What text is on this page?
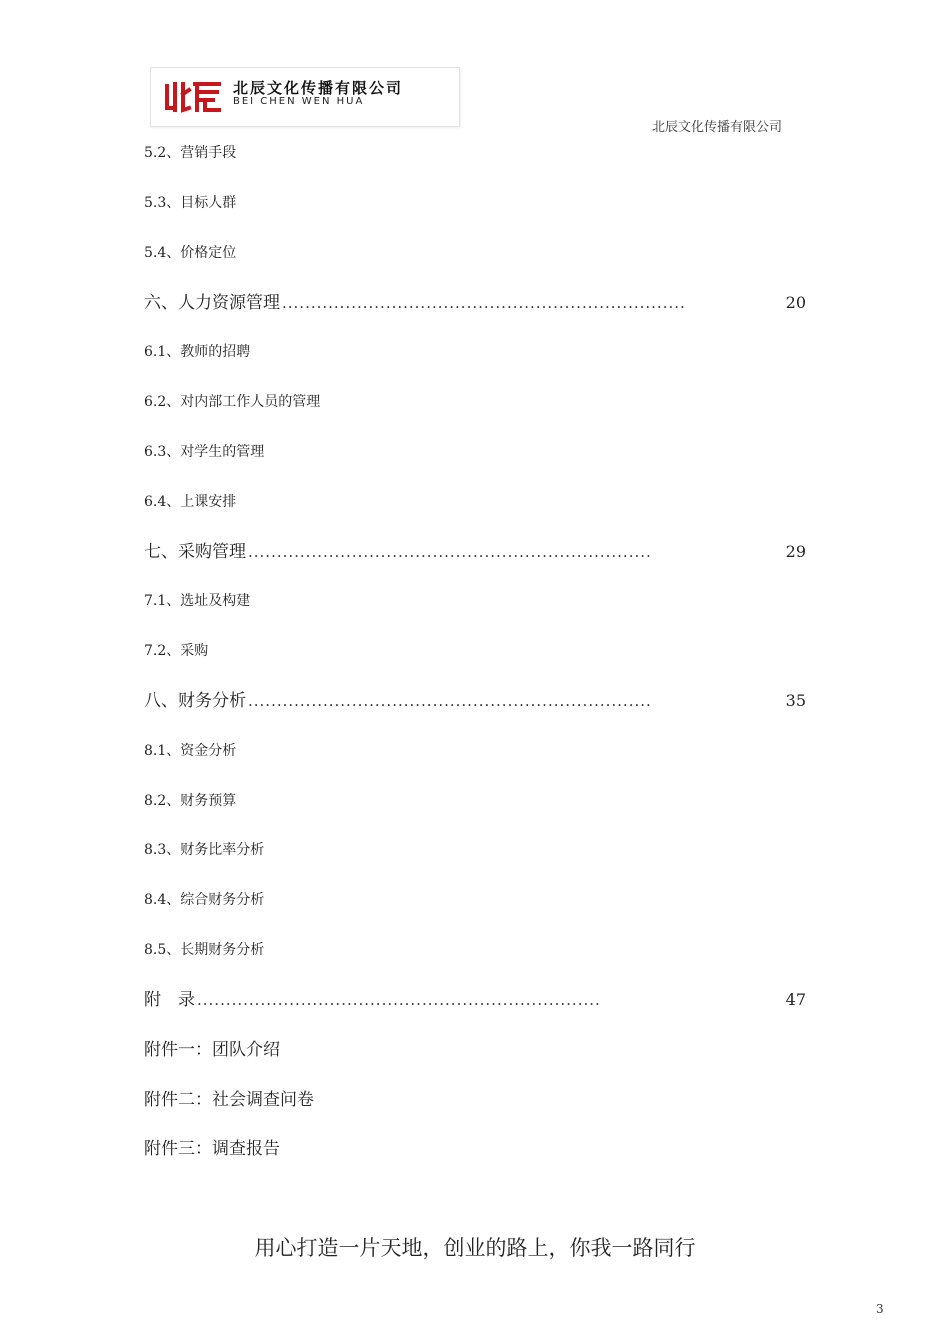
北辰文化传播有限公司
BEI CHEN WEN HUA
北辰文化传播有限公司
5.2、营销手段
5.3、目标人群
5.4、价格定位
六、人力资源管理 ......................................................................	20
6.1、教师的招聘
6.2、对内部工作人员的管理
6.3、对学生的管理
6.4、上课安排
七、采购管理 ......................................................................	29
7.1、选址及构建
7.2、采购
八、财务分析 ......................................................................	35
8.1、资金分析
8.2、财务预算
8.3、财务比率分析
8.4、综合财务分析
8.5、长期财务分析
附　录 ......................................................................	47
附件一：团队介绍
附件二：社会调查问卷
附件三：调查报告
用心打造一片天地，创业的路上，你我一路同行
3
